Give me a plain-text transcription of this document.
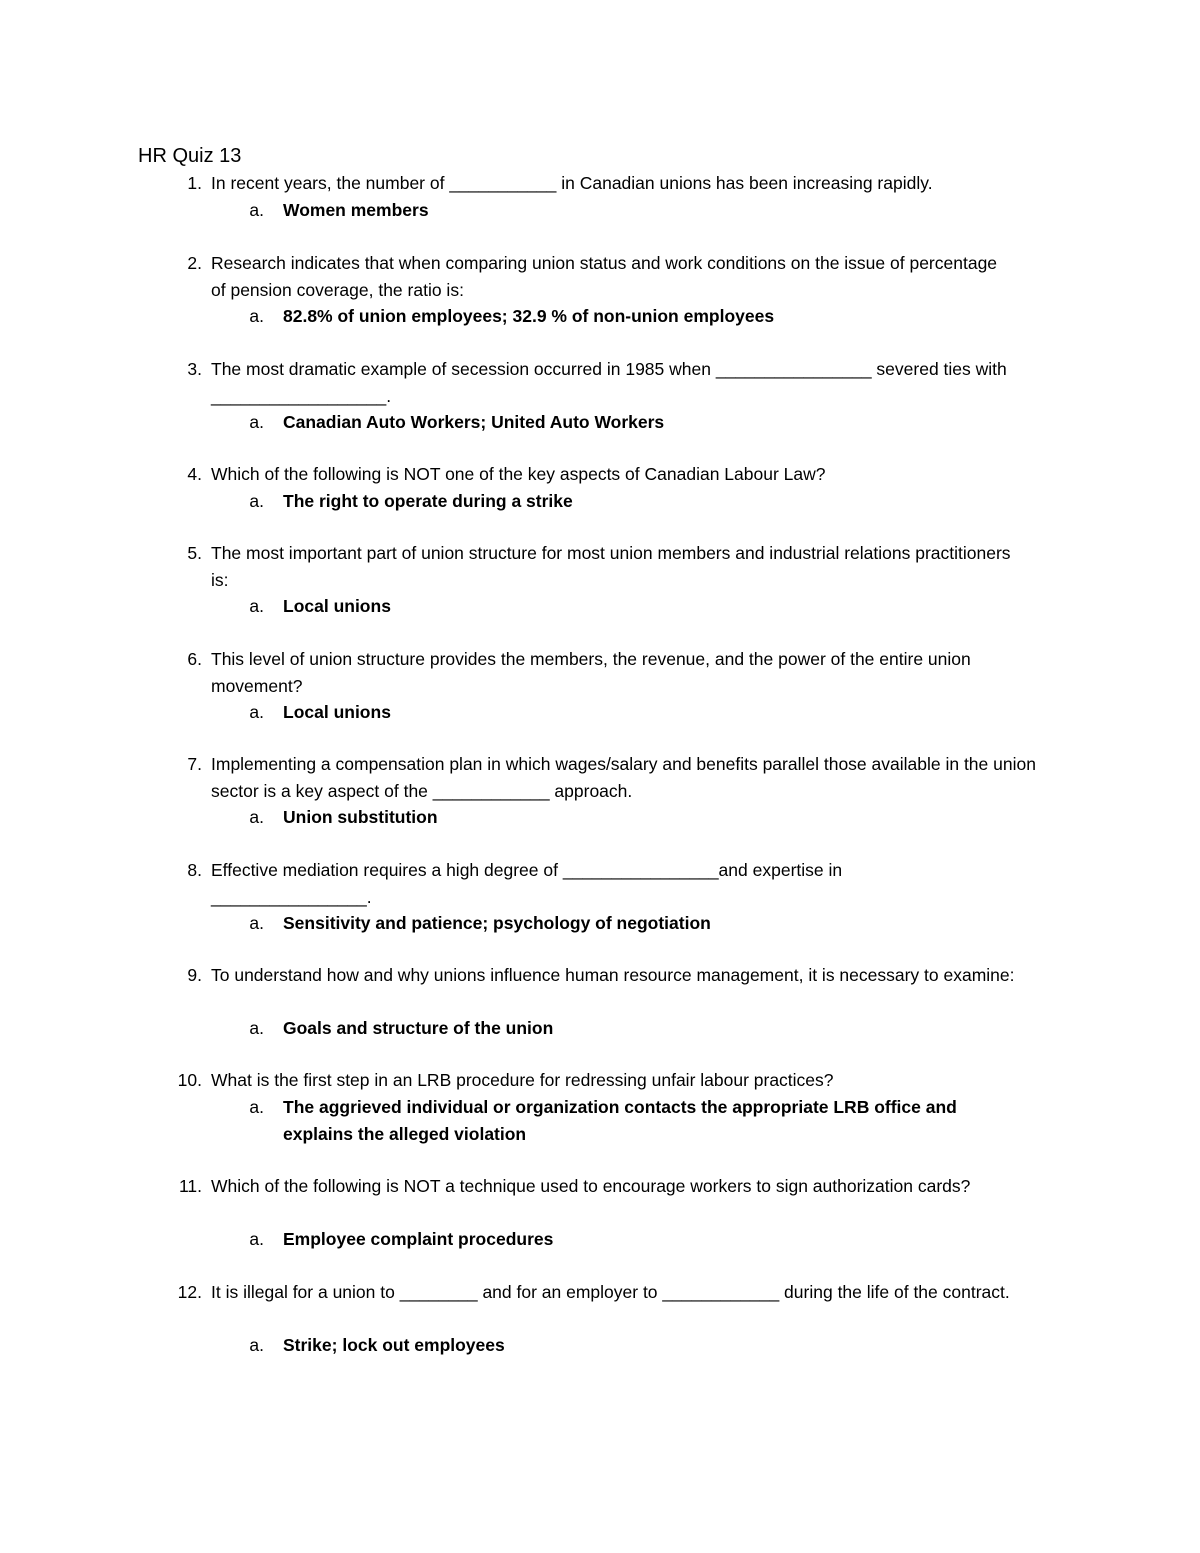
HR Quiz 13
1. In recent years, the number of ___________ in Canadian unions has been increasing rapidly.
a. Women members
2. Research indicates that when comparing union status and work conditions on the issue of percentage of pension coverage, the ratio is:
a. 82.8% of union employees; 32.9 % of non-union employees
3. The most dramatic example of secession occurred in 1985 when ________________ severed ties with __________________.
a. Canadian Auto Workers; United Auto Workers
4. Which of the following is NOT one of the key aspects of Canadian Labour Law?
a. The right to operate during a strike
5. The most important part of union structure for most union members and industrial relations practitioners is:
a. Local unions
6. This level of union structure provides the members, the revenue, and the power of the entire union movement?
a. Local unions
7. Implementing a compensation plan in which wages/salary and benefits parallel those available in the union sector is a key aspect of the ____________ approach.
a. Union substitution
8. Effective mediation requires a high degree of ________________and expertise in ________________.
a. Sensitivity and patience; psychology of negotiation
9. To understand how and why unions influence human resource management, it is necessary to examine:
a. Goals and structure of the union
10. What is the first step in an LRB procedure for redressing unfair labour practices?
a. The aggrieved individual or organization contacts the appropriate LRB office and explains the alleged violation
11. Which of the following is NOT a technique used to encourage workers to sign authorization cards?
a. Employee complaint procedures
12. It is illegal for a union to ________ and for an employer to ____________ during the life of the contract.
a. Strike; lock out employees
